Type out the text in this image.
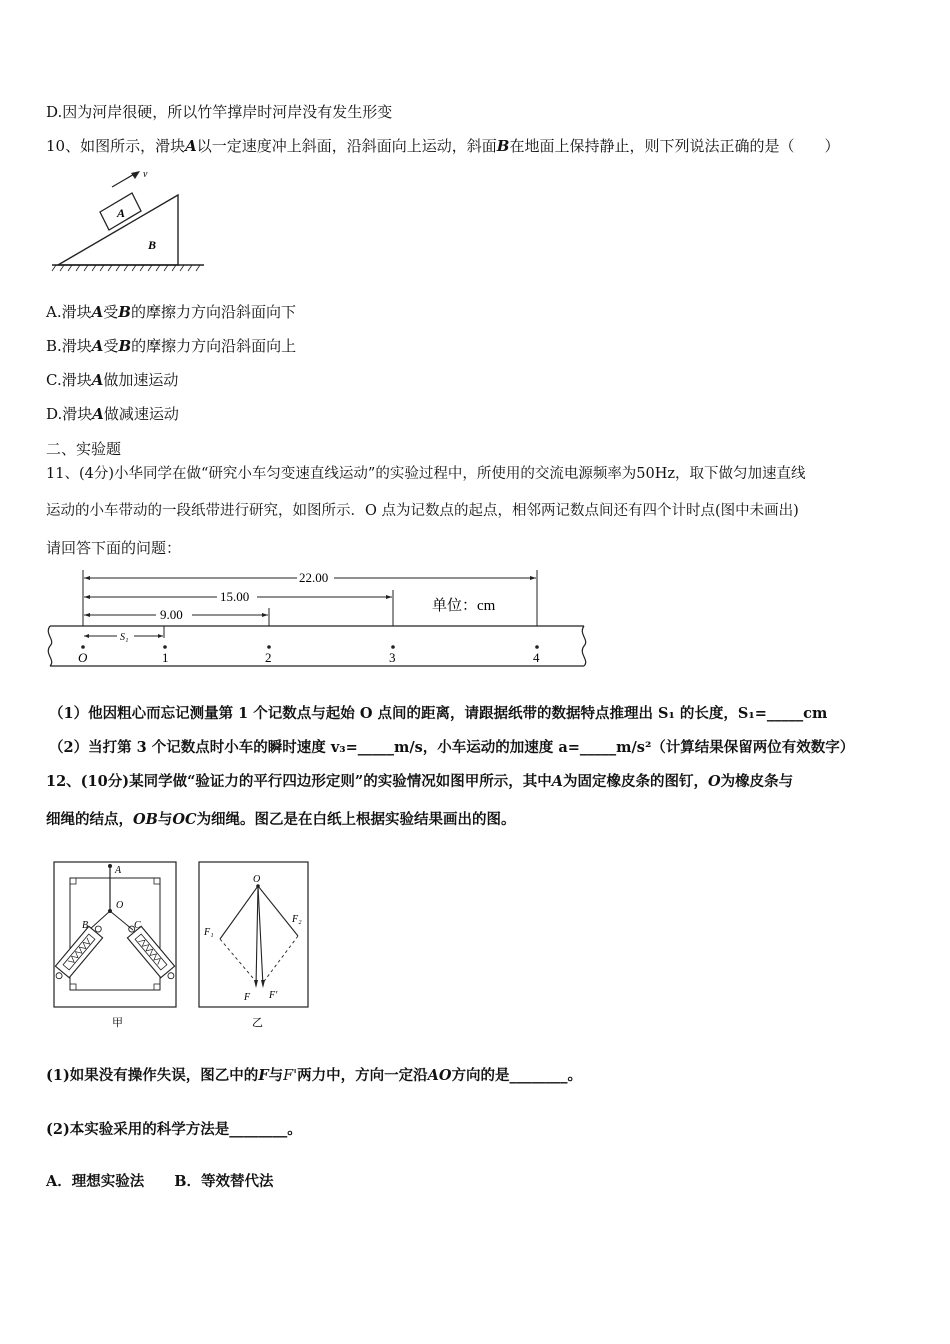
D.因为河岸很硬，所以竹竿撑岸时河岸没有发生形变
10、如图所示，滑块A以一定速度冲上斜面，沿斜面向上运动，斜面B在地面上保持静止，则下列说法正确的是（　　）
v
A
B
A.滑块A受B的摩擦力方向沿斜面向下
B.滑块A受B的摩擦力方向沿斜面向上
C.滑块A做加速运动
D.滑块A做减速运动
二、实验题
11、(4分)小华同学在做“研究小车匀变速直线运动”的实验过程中，所使用的交流电源频率为50Hz，取下做匀加速直线
运动的小车带动的一段纸带进行研究，如图所示．O 点为记数点的起点，相邻两记数点间还有四个计时点(图中未画出)
请回答下面的问题：
22.00
15.00
9.00
S₁
单位：cm
O	1	2	3	4
（1）他因粗心而忘记测量第 1 个记数点与起始 O 点间的距离，请跟据纸带的数据特点推理出 S₁ 的长度，S₁=_____cm
（2）当打第 3 个记数点时小车的瞬时速度 v₃=_____m/s，小车运动的加速度 a=_____m/s²（计算结果保留两位有效数字）
12、(10分)某同学做“验证力的平行四边形定则”的实验情况如图甲所示，其中A为固定橡皮条的图钉，O为橡皮条与
细绳的结点，OB与OC为细绳。图乙是在白纸上根据实验结果画出的图。
A
O
B	C
甲
O
F₁
F₂
F F'
乙
(1)如果没有操作失误，图乙中的F与F'两力中，方向一定沿AO方向的是________。
(2)本实验采用的科学方法是________。
A．理想实验法 B．等效替代法
